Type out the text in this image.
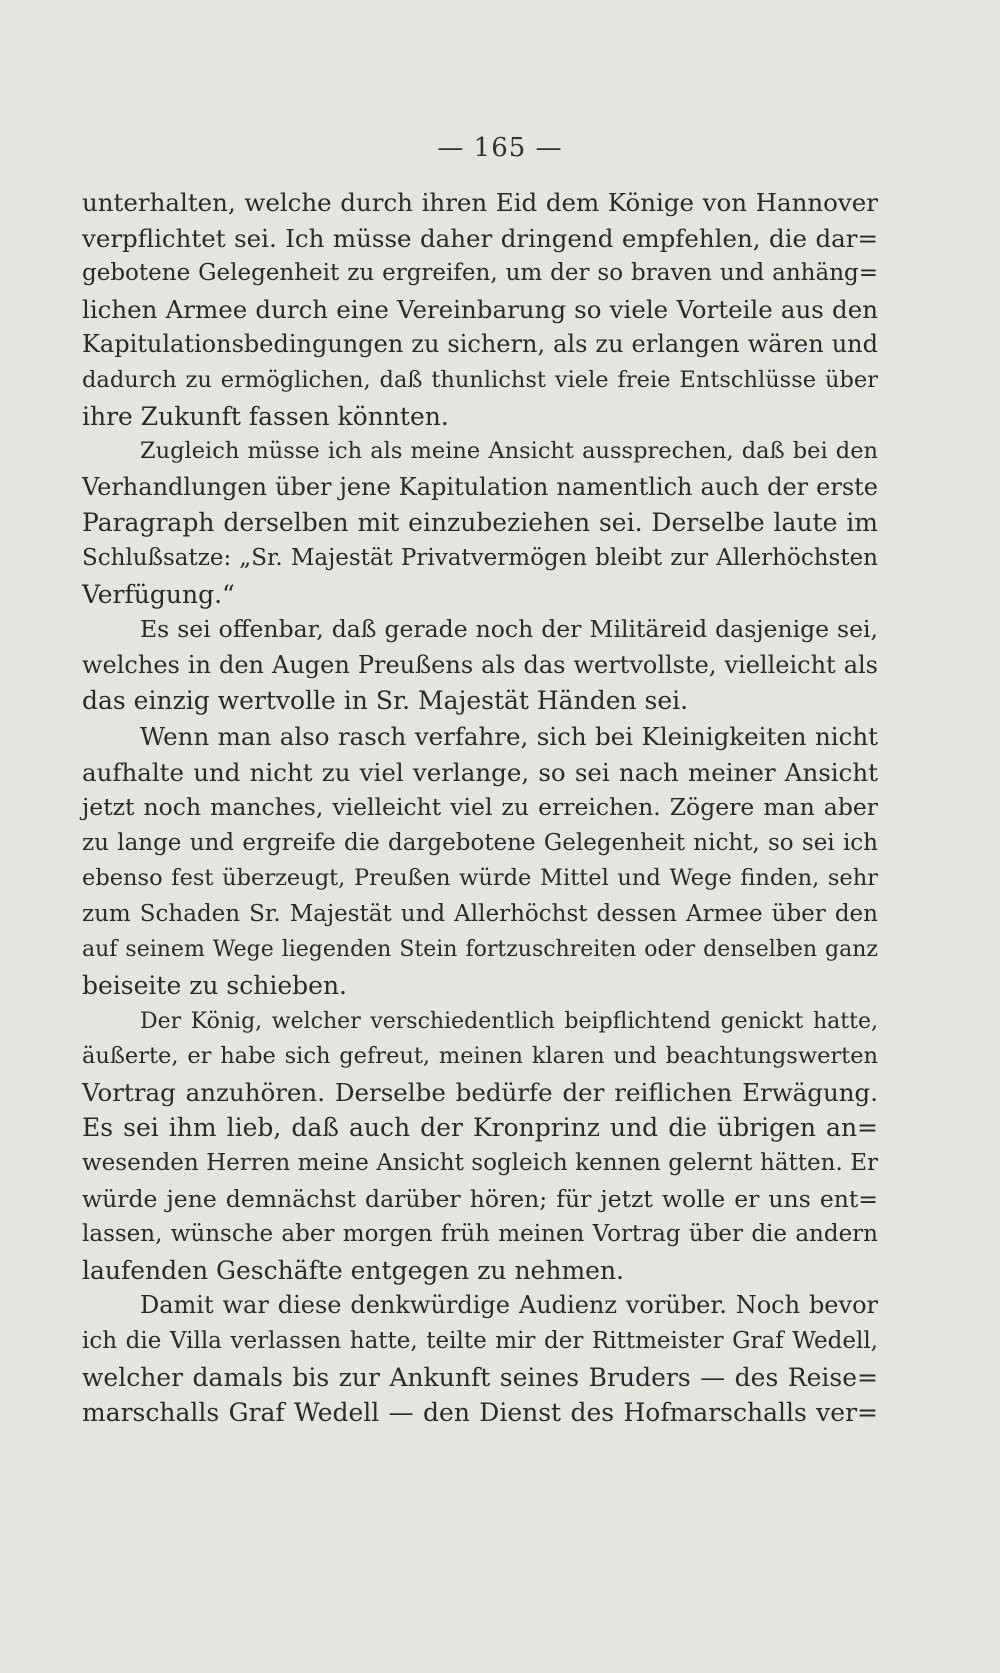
— 165 —
unterhalten, welche durch ihren Eid dem Könige von Hannover
verpflichtet sei. Ich müsse daher dringend empfehlen, die dar=
gebotene Gelegenheit zu ergreifen, um der so braven und anhäng=
lichen Armee durch eine Vereinbarung so viele Vorteile aus den
Kapitulationsbedingungen zu sichern, als zu erlangen wären und
dadurch zu ermöglichen, daß thunlichst viele freie Entschlüsse über
ihre Zukunft fassen könnten.
Zugleich müsse ich als meine Ansicht aussprechen, daß bei den
Verhandlungen über jene Kapitulation namentlich auch der erste
Paragraph derselben mit einzubeziehen sei. Derselbe laute im
Schlußsatze: „Sr. Majestät Privatvermögen bleibt zur Allerhöchsten
Verfügung.“
Es sei offenbar, daß gerade noch der Militäreid dasjenige sei,
welches in den Augen Preußens als das wertvollste, vielleicht als
das einzig wertvolle in Sr. Majestät Händen sei.
Wenn man also rasch verfahre, sich bei Kleinigkeiten nicht
aufhalte und nicht zu viel verlange, so sei nach meiner Ansicht
jetzt noch manches, vielleicht viel zu erreichen. Zögere man aber
zu lange und ergreife die dargebotene Gelegenheit nicht, so sei ich
ebenso fest überzeugt, Preußen würde Mittel und Wege finden, sehr
zum Schaden Sr. Majestät und Allerhöchst dessen Armee über den
auf seinem Wege liegenden Stein fortzuschreiten oder denselben ganz
beiseite zu schieben.
Der König, welcher verschiedentlich beipflichtend genickt hatte,
äußerte, er habe sich gefreut, meinen klaren und beachtungswerten
Vortrag anzuhören. Derselbe bedürfe der reiflichen Erwägung.
Es sei ihm lieb, daß auch der Kronprinz und die übrigen an=
wesenden Herren meine Ansicht sogleich kennen gelernt hätten. Er
würde jene demnächst darüber hören; für jetzt wolle er uns ent=
lassen, wünsche aber morgen früh meinen Vortrag über die andern
laufenden Geschäfte entgegen zu nehmen.
Damit war diese denkwürdige Audienz vorüber. Noch bevor
ich die Villa verlassen hatte, teilte mir der Rittmeister Graf Wedell,
welcher damals bis zur Ankunft seines Bruders — des Reise=
marschalls Graf Wedell — den Dienst des Hofmarschalls ver=
